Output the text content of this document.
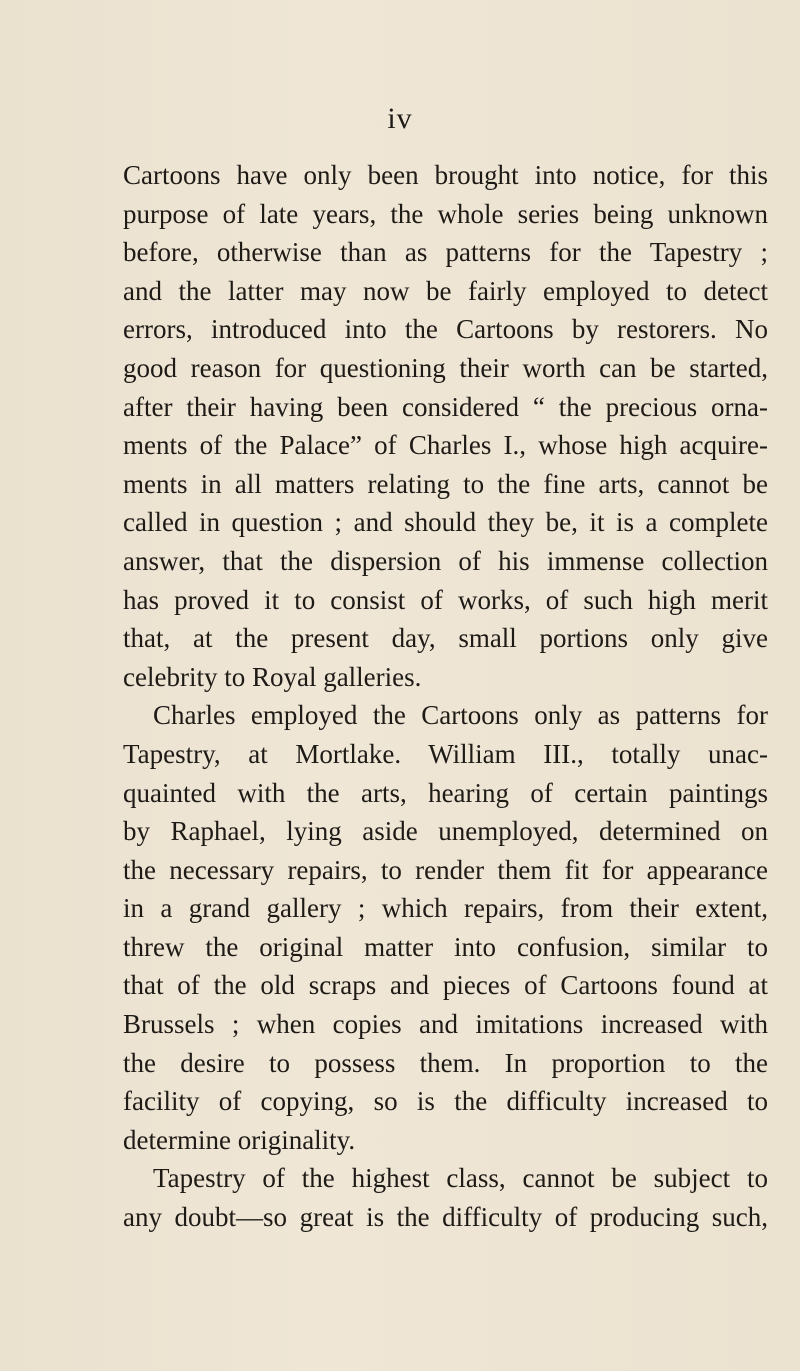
iv
Cartoons have only been brought into notice, for this
purpose of late years, the whole series being unknown
before, otherwise than as patterns for the Tapestry ;
and the latter may now be fairly employed to detect
errors, introduced into the Cartoons by restorers. No
good reason for questioning their worth can be started,
after their having been considered “ the precious orna-
ments of the Palace” of Charles I., whose high acquire-
ments in all matters relating to the fine arts, cannot be
called in question ; and should they be, it is a complete
answer, that the dispersion of his immense collection
has proved it to consist of works, of such high merit
that, at the present day, small portions only give
celebrity to Royal galleries.
Charles employed the Cartoons only as patterns for
Tapestry, at Mortlake. William III., totally unac-
quainted with the arts, hearing of certain paintings
by Raphael, lying aside unemployed, determined on
the necessary repairs, to render them fit for appearance
in a grand gallery ; which repairs, from their extent,
threw the original matter into confusion, similar to
that of the old scraps and pieces of Cartoons found at
Brussels ; when copies and imitations increased with
the desire to possess them. In proportion to the
facility of copying, so is the difficulty increased to
determine originality.
Tapestry of the highest class, cannot be subject to
any doubt—so great is the difficulty of producing such,
